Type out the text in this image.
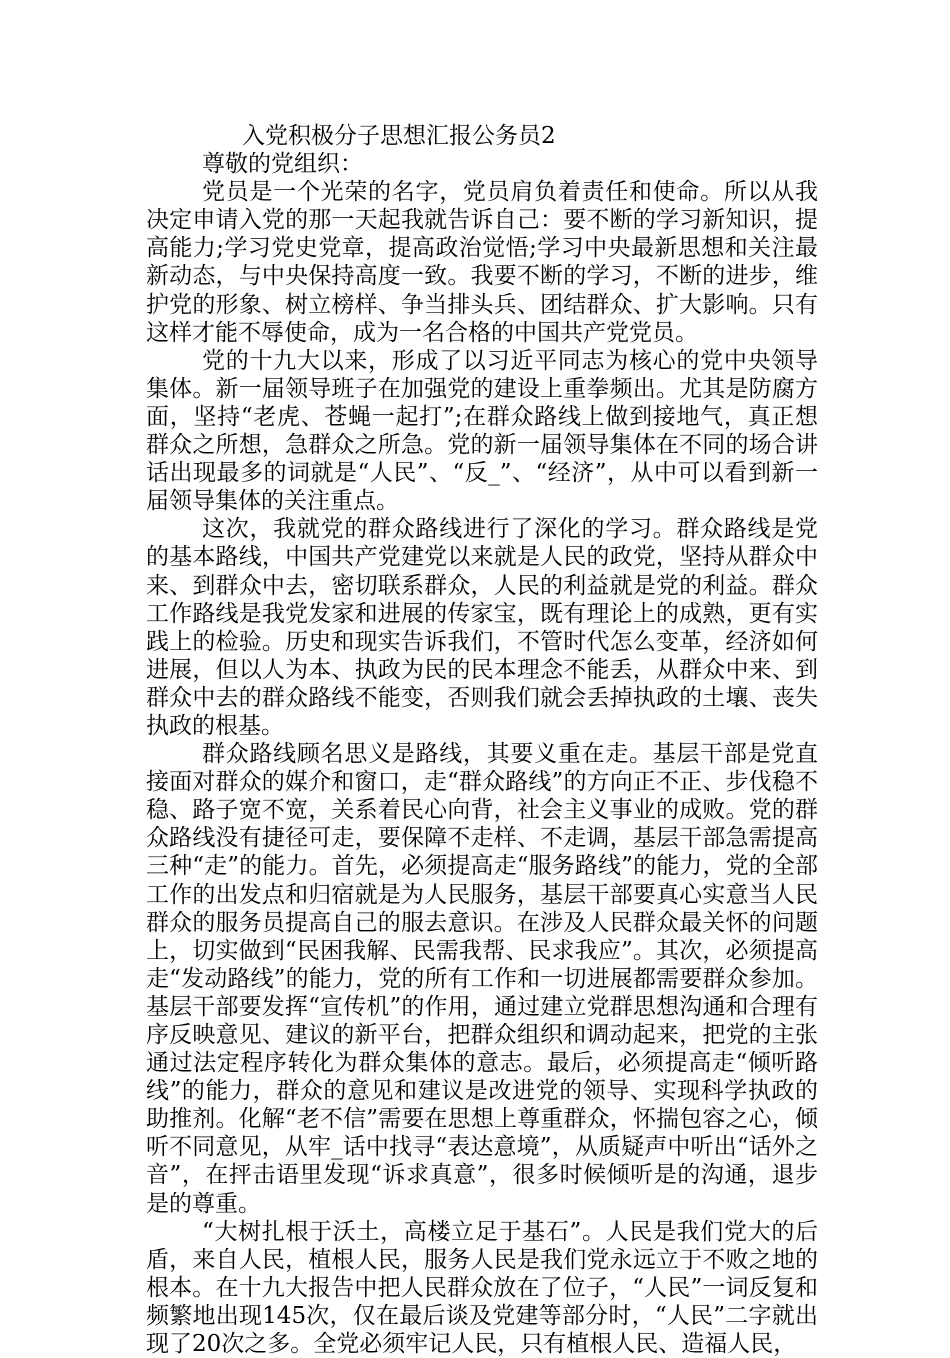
入党积极分子思想汇报公务员2

尊敬的党组织：

党员是一个光荣的名字，党员肩负着责任和使命。所以从我决定申请入党的那一天起我就告诉自己：要不断的学习新知识，提高能力;学习党史党章，提高政治觉悟;学习中央最新思想和关注最新动态，与中央保持高度一致。我要不断的学习，不断的进步，维护党的形象、树立榜样、争当排头兵、团结群众、扩大影响。只有这样才能不辱使命，成为一名合格的中国共产党党员。

党的十九大以来，形成了以习近平同志为核心的党中央领导集体。新一届领导班子在加强党的建设上重拳频出。尤其是防腐方面，坚持“老虎、苍蝇一起打”;在群众路线上做到接地气，真正想群众之所想，急群众之所急。党的新一届领导集体在不同的场合讲话出现最多的词就是“人民”、“反_”、“经济”，从中可以看到新一届领导集体的关注重点。

这次，我就党的群众路线进行了深化的学习。群众路线是党的基本路线，中国共产党建党以来就是人民的政党，坚持从群众中来、到群众中去，密切联系群众，人民的利益就是党的利益。群众工作路线是我党发家和进展的传家宝，既有理论上的成熟，更有实践上的检验。历史和现实告诉我们，不管时代怎么变革，经济如何进展，但以人为本、执政为民的民本理念不能丢，从群众中来、到群众中去的群众路线不能变，否则我们就会丢掉执政的土壤、丧失执政的根基。

群众路线顾名思义是路线，其要义重在走。基层干部是党直接面对群众的媒介和窗口，走“群众路线”的方向正不正、步伐稳不稳、路子宽不宽，关系着民心向背，社会主义事业的成败。党的群众路线没有捷径可走，要保障不走样、不走调，基层干部急需提高三种“走”的能力。首先，必须提高走“服务路线”的能力，党的全部工作的出发点和归宿就是为人民服务，基层干部要真心实意当人民群众的服务员提高自己的服去意识。在涉及人民群众最关怀的问题上，切实做到“民困我解、民需我帮、民求我应”。其次，必须提高走“发动路线”的能力，党的所有工作和一切进展都需要群众参加。基层干部要发挥“宣传机”的作用，通过建立党群思想沟通和合理有序反映意见、建议的新平台，把群众组织和调动起来，把党的主张通过法定程序转化为群众集体的意志。最后，必须提高走“倾听路线”的能力，群众的意见和建议是改进党的领导、实现科学执政的助推剂。化解“老不信”需要在思想上尊重群众，怀揣包容之心，倾听不同意见，从牢_话中找寻“表达意境”，从质疑声中听出“话外之音”，在抨击语里发现“诉求真意”，很多时候倾听是的沟通，退步是的尊重。

“大树扎根于沃土，高楼立足于基石”。人民是我们党大的后盾，来自人民，植根人民，服务人民是我们党永远立于不败之地的根本。在十九大报告中把人民群众放在了位子，“人民”一词反复和频繁地出现145次，仅在最后谈及党建等部分时，“人民”二字就出现了20次之多。全党必须牢记人民，只有植根人民、造福人民，
